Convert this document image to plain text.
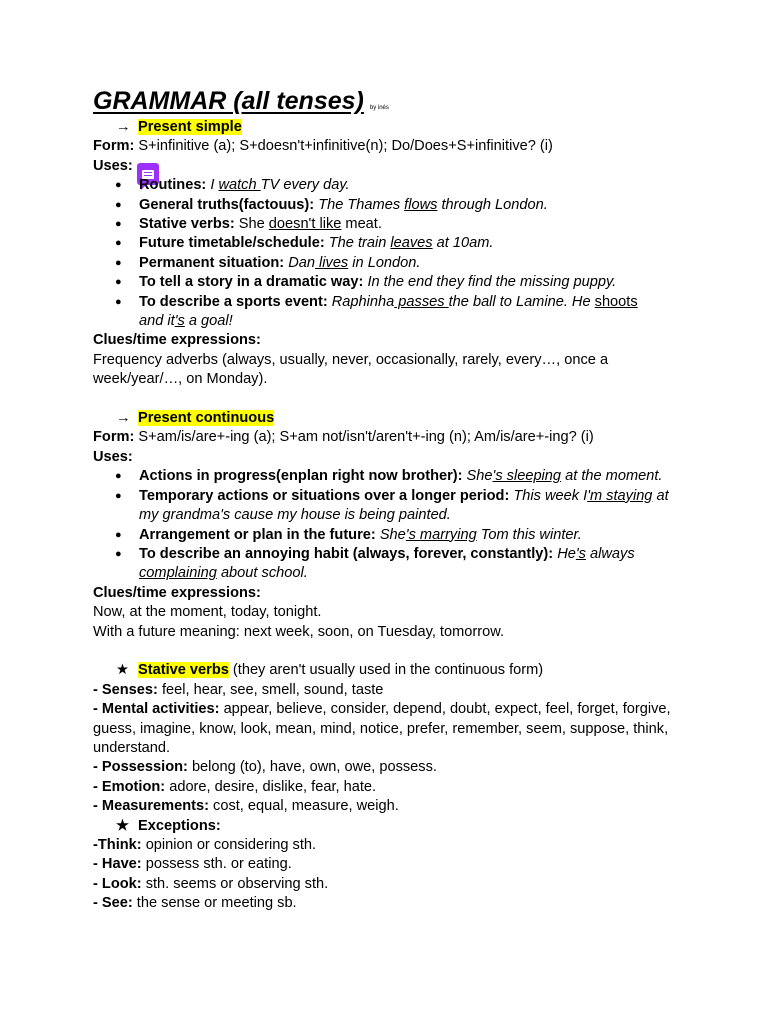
GRAMMAR (all tenses) by inés
→ Present simple
Form: S+infinitive (a); S+doesn't+infinitive(n); Do/Does+S+infinitive? (i)
Uses:
● Routines: I watch TV every day.
● General truths(factouus): The Thames flows through London.
● Stative verbs: She doesn't like meat.
● Future timetable/schedule: The train leaves at 10am.
● Permanent situation: Dan lives in London.
● To tell a story in a dramatic way: In the end they find the missing puppy.
● To describe a sports event: Raphinha passes the ball to Lamine. He shoots
and it's a goal!
Clues/time expressions:
Frequency adverbs (always, usually, never, occasionally, rarely, every…, once a week/year/…, on Monday).
→ Present continuous
Form: S+am/is/are+-ing (a); S+am not/isn't/aren't+-ing (n); Am/is/are+-ing? (i)
Uses:
● Actions in progress(enplan right now brother): She's sleeping at the moment.
● Temporary actions or situations over a longer period: This week I'm staying at my grandma's cause my house is being painted.
● Arrangement or plan in the future: She's marrying Tom this winter.
● To describe an annoying habit (always, forever, constantly): He's always complaining about school.
Clues/time expressions:
Now, at the moment, today, tonight.
With a future meaning: next week, soon, on Tuesday, tomorrow.
★ Stative verbs (they aren't usually used in the continuous form)
- Senses: feel, hear, see, smell, sound, taste
- Mental activities: appear, believe, consider, depend, doubt, expect, feel, forget, forgive, guess, imagine, know, look, mean, mind, notice, prefer, remember, seem, suppose, think, understand.
- Possession: belong (to), have, own, owe, possess.
- Emotion: adore, desire, dislike, fear, hate.
- Measurements: cost, equal, measure, weigh.
★ Exceptions:
-Think: opinion or considering sth.
- Have: possess sth. or eating.
- Look: sth. seems or observing sth.
- See: the sense or meeting sb.
